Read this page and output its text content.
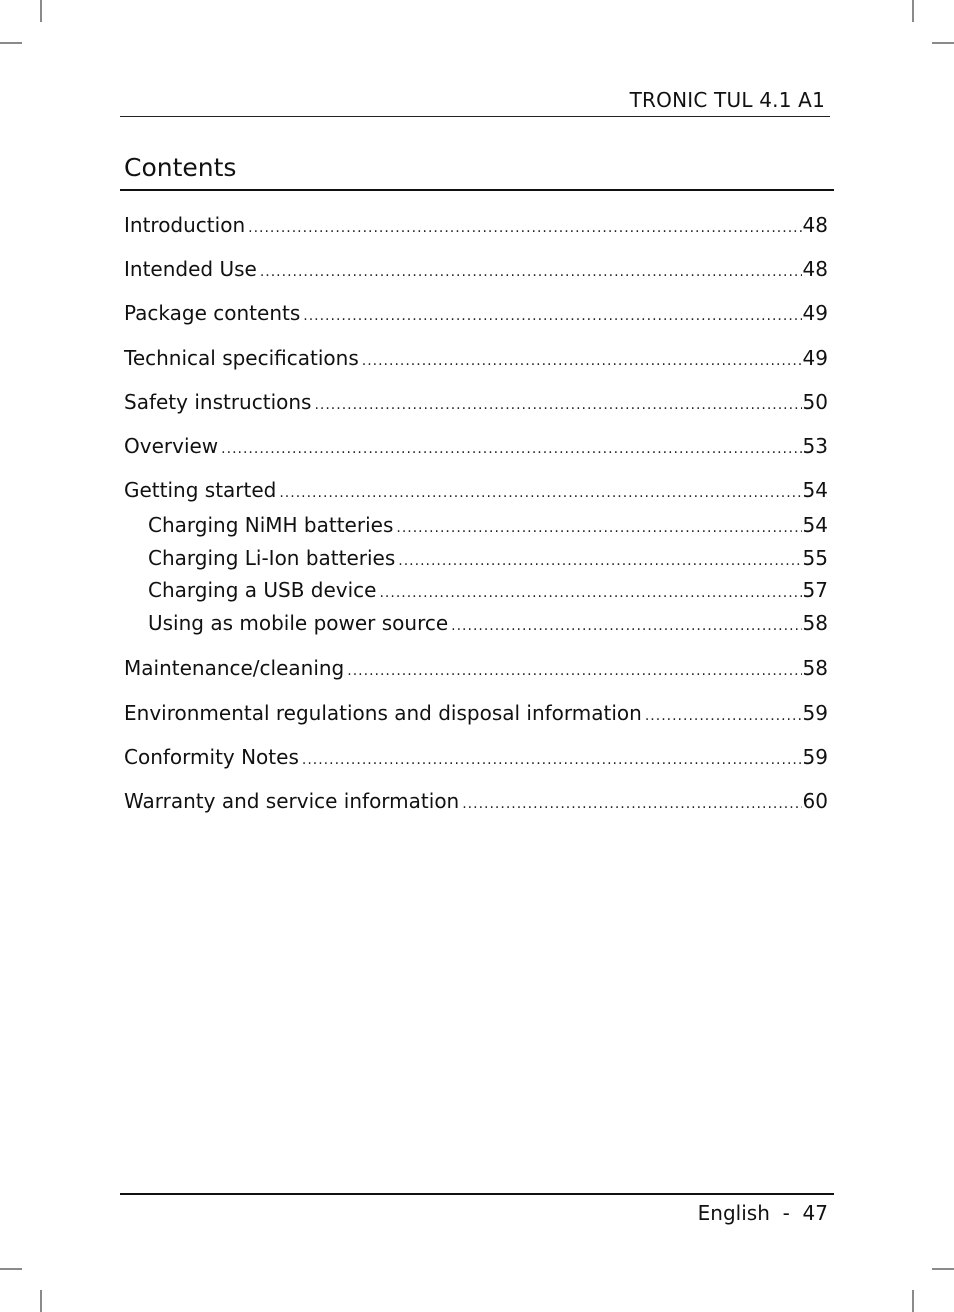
TRONIC TUL 4.1 A1
Contents
Introduction .....	48
Intended Use .....	48
Package contents .....	49
Technical specifications .....	49
Safety instructions .....	50
Overview .....	53
Getting started .....	54
Charging NiMH batteries .....	54
Charging Li-Ion batteries .....	55
Charging a USB device .....	57
Using as mobile power source .....	58
Maintenance/cleaning .....	58
Environmental regulations and disposal information .....	59
Conformity Notes .....	59
Warranty and service information .....	60
English - 47
